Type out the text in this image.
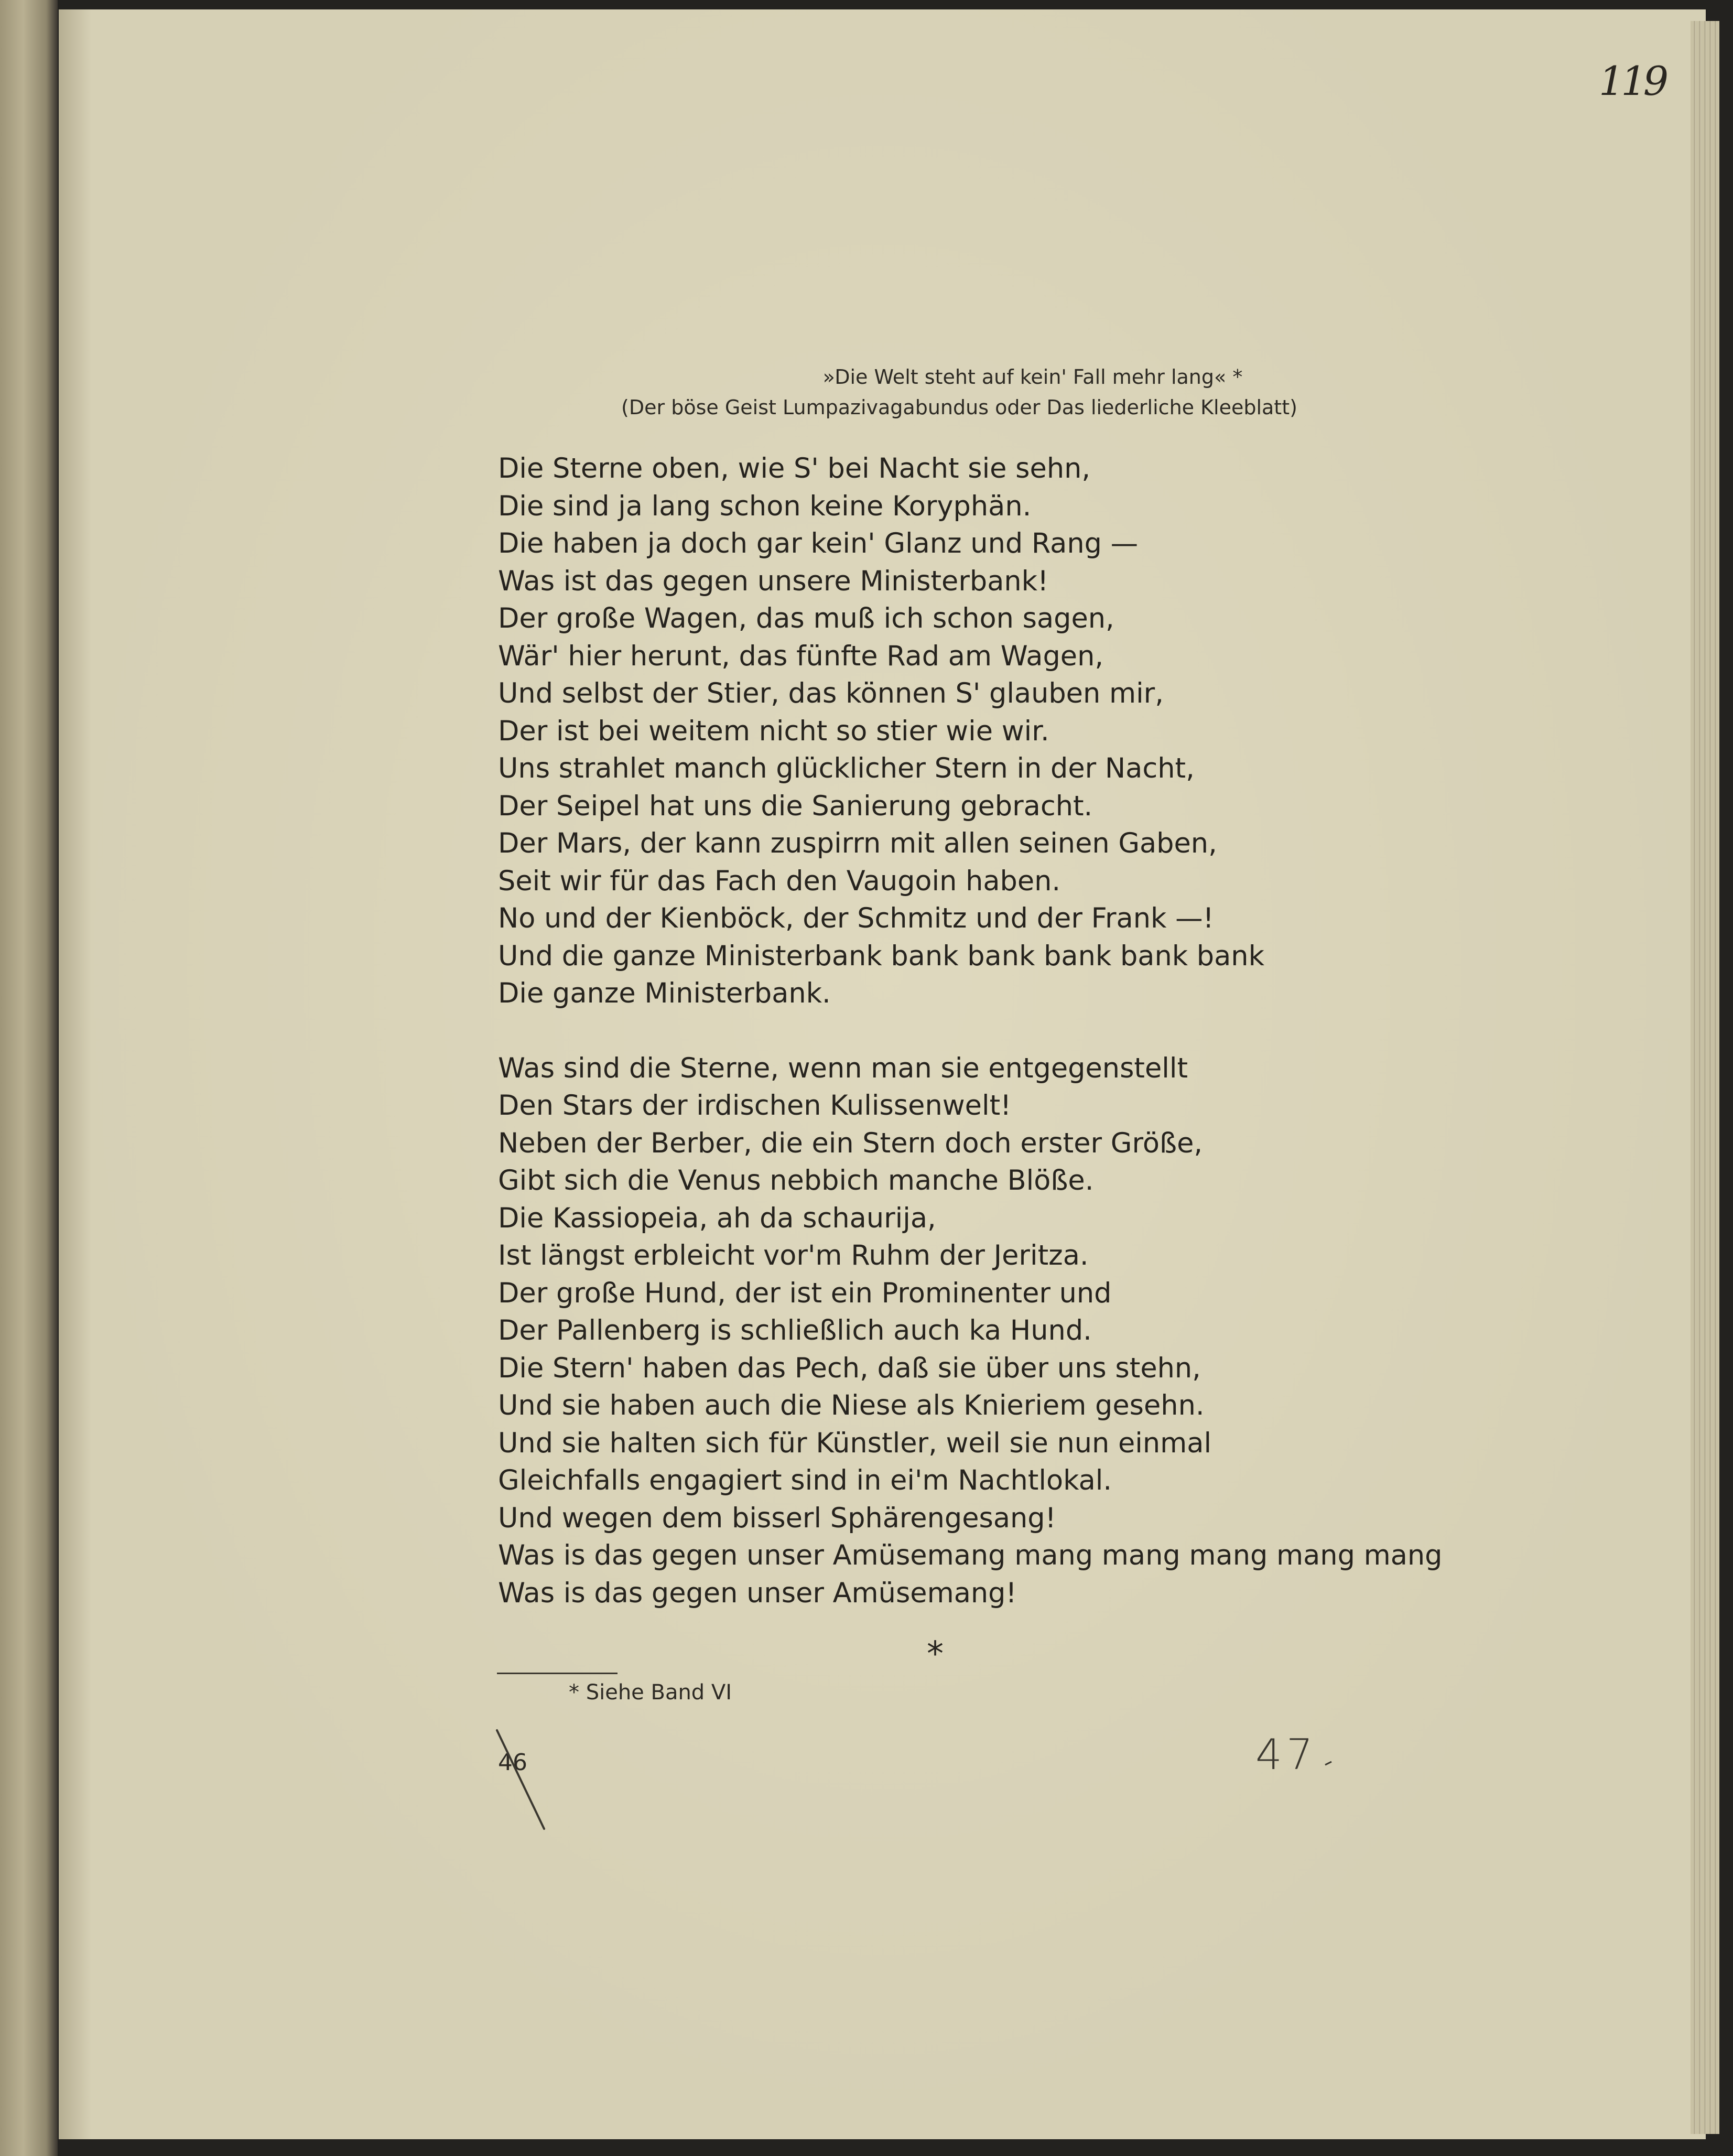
119
»Die Welt steht auf kein' Fall mehr lang« *
(Der böse Geist Lumpazivagabundus oder Das liederliche Kleeblatt)
Die Sterne oben, wie S' bei Nacht sie sehn,
Die sind ja lang schon keine Koryphän.
Die haben ja doch gar kein' Glanz und Rang —
Was ist das gegen unsere Ministerbank!
Der große Wagen, das muß ich schon sagen,
Wär' hier herunt, das fünfte Rad am Wagen,
Und selbst der Stier, das können S' glauben mir,
Der ist bei weitem nicht so stier wie wir.
Uns strahlet manch glücklicher Stern in der Nacht,
Der Seipel hat uns die Sanierung gebracht.
Der Mars, der kann zuspirrn mit allen seinen Gaben,
Seit wir für das Fach den Vaugoin haben.
No und der Kienböck, der Schmitz und der Frank —!
Und die ganze Ministerbank bank bank bank bank bank
Die ganze Ministerbank.
Was sind die Sterne, wenn man sie entgegenstellt
Den Stars der irdischen Kulissenwelt!
Neben der Berber, die ein Stern doch erster Größe,
Gibt sich die Venus nebbich manche Blöße.
Die Kassiopeia, ah da schaurija,
Ist längst erbleicht vor'm Ruhm der Jeritza.
Der große Hund, der ist ein Prominenter und
Der Pallenberg is schließlich auch ka Hund.
Die Stern' haben das Pech, daß sie über uns stehn,
Und sie haben auch die Niese als Knieriem gesehn.
Und sie halten sich für Künstler, weil sie nun einmal
Gleichfalls engagiert sind in ei'm Nachtlokal.
Und wegen dem bisserl Sphärengesang!
Was is das gegen unser Amüsemang mang mang mang mang mang
Was is das gegen unser Amüsemang!
*
* Siehe Band VI
46	47
